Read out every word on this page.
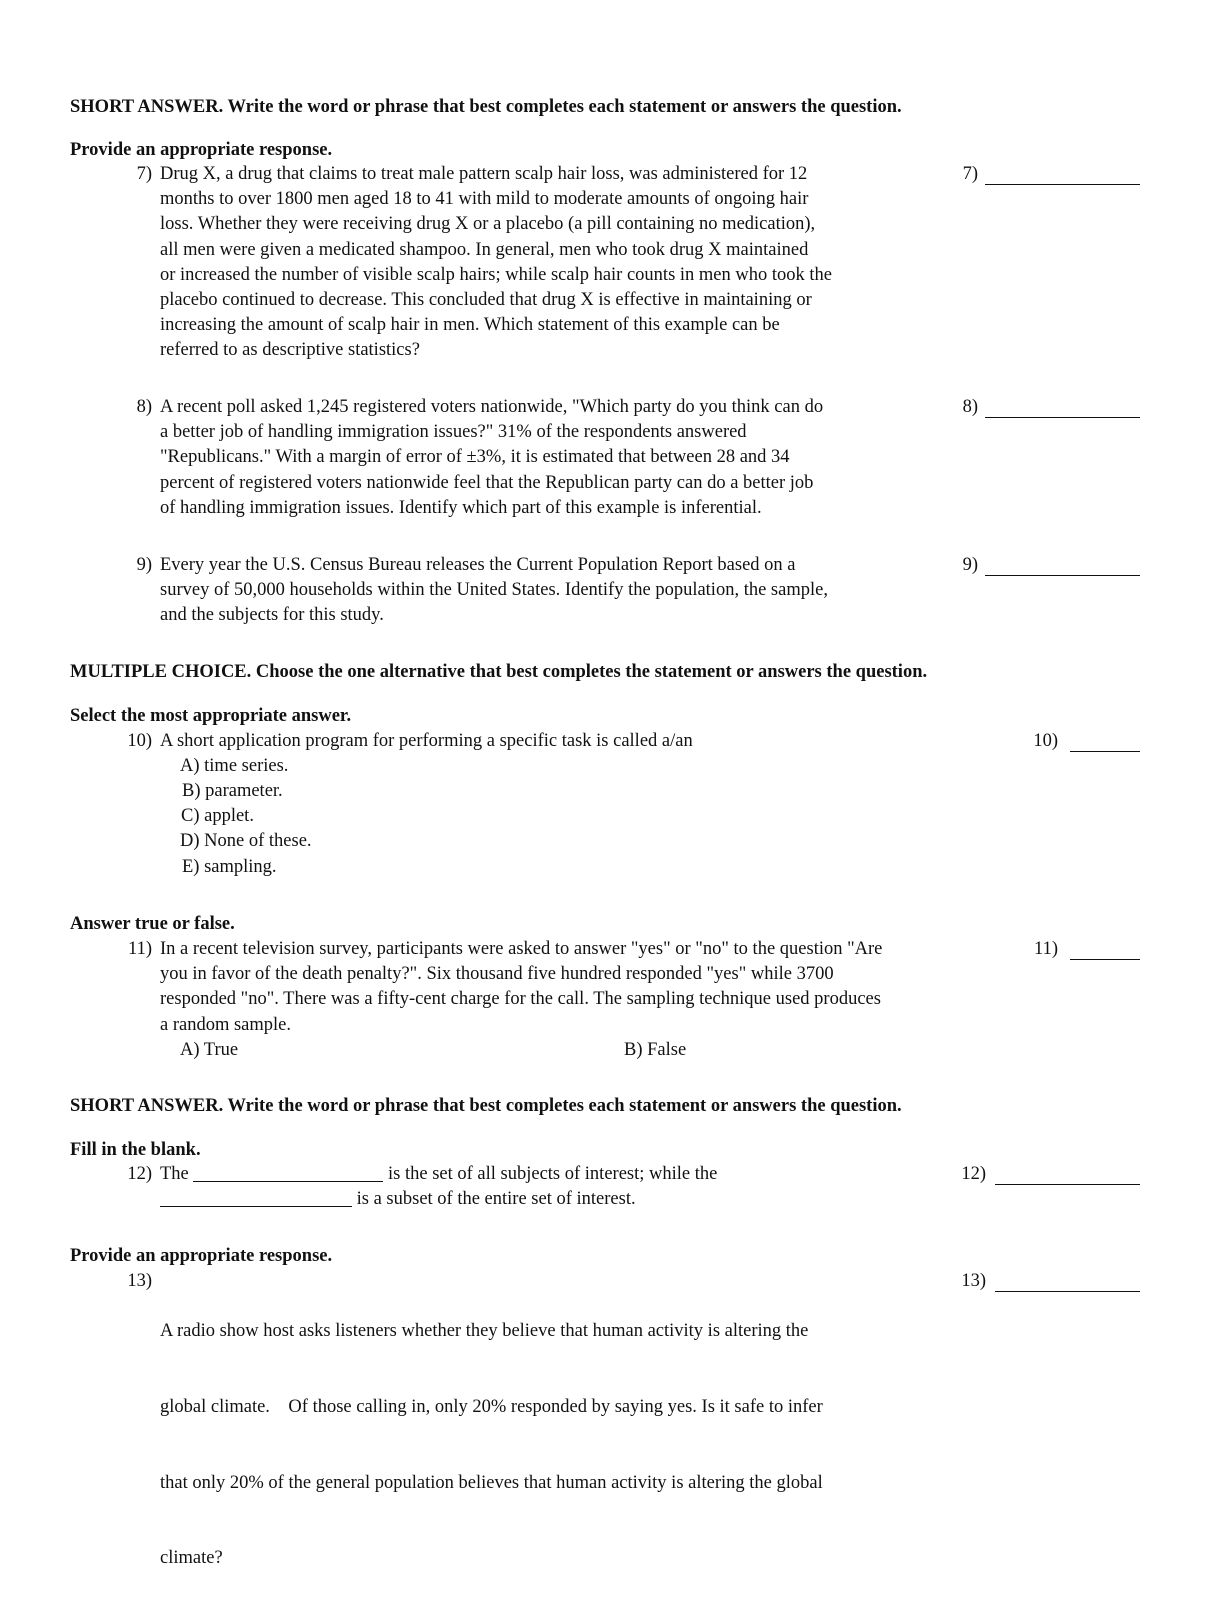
SHORT ANSWER. Write the word or phrase that best completes each statement or answers the question.
Provide an appropriate response.
7) Drug X, a drug that claims to treat male pattern scalp hair loss, was administered for 12
months to over 1800 men aged 18 to 41 with mild to moderate amounts of ongoing hair
loss. Whether they were receiving drug X or a placebo (a pill containing no medication),
all men were given a medicated shampoo. In general, men who took drug X maintained
or increased the number of visible scalp hairs; while scalp hair counts in men who took the
placebo continued to decrease. This concluded that drug X is effective in maintaining or
increasing the amount of scalp hair in men. Which statement of this example can be
referred to as descriptive statistics?
7)
8) A recent poll asked 1,245 registered voters nationwide, "Which party do you think can do
a better job of handling immigration issues?" 31% of the respondents answered
"Republicans." With a margin of error of ±3%, it is estimated that between 28 and 34
percent of registered voters nationwide feel that the Republican party can do a better job
of handling immigration issues. Identify which part of this example is inferential.
8)
9) Every year the U.S. Census Bureau releases the Current Population Report based on a
survey of 50,000 households within the United States. Identify the population, the sample,
and the subjects for this study.
9)
MULTIPLE CHOICE. Choose the one alternative that best completes the statement or answers the question.
Select the most appropriate answer.
10) A short application program for performing a specific task is called a/an
A) time series.
B) parameter.
C) applet.
D) None of these.
E) sampling.
10)
Answer true or false.
11) In a recent television survey, participants were asked to answer "yes" or "no" to the question "Are
you in favor of the death penalty?". Six thousand five hundred responded "yes" while 3700
responded "no". There was a fifty-cent charge for the call. The sampling technique used produces
a random sample.
A) True	B) False
11)
SHORT ANSWER. Write the word or phrase that best completes each statement or answers the question.
Fill in the blank.
12) The	is the set of all subjects of interest; while the
is a subset of the entire set of interest.
12)
Provide an appropriate response.
13)

A radio show host asks listeners whether they believe that human activity is altering the

global climate.    Of those calling in, only 20% responded by saying yes. Is it safe to infer

that only 20% of the general population believes that human activity is altering the global

climate?

13)
